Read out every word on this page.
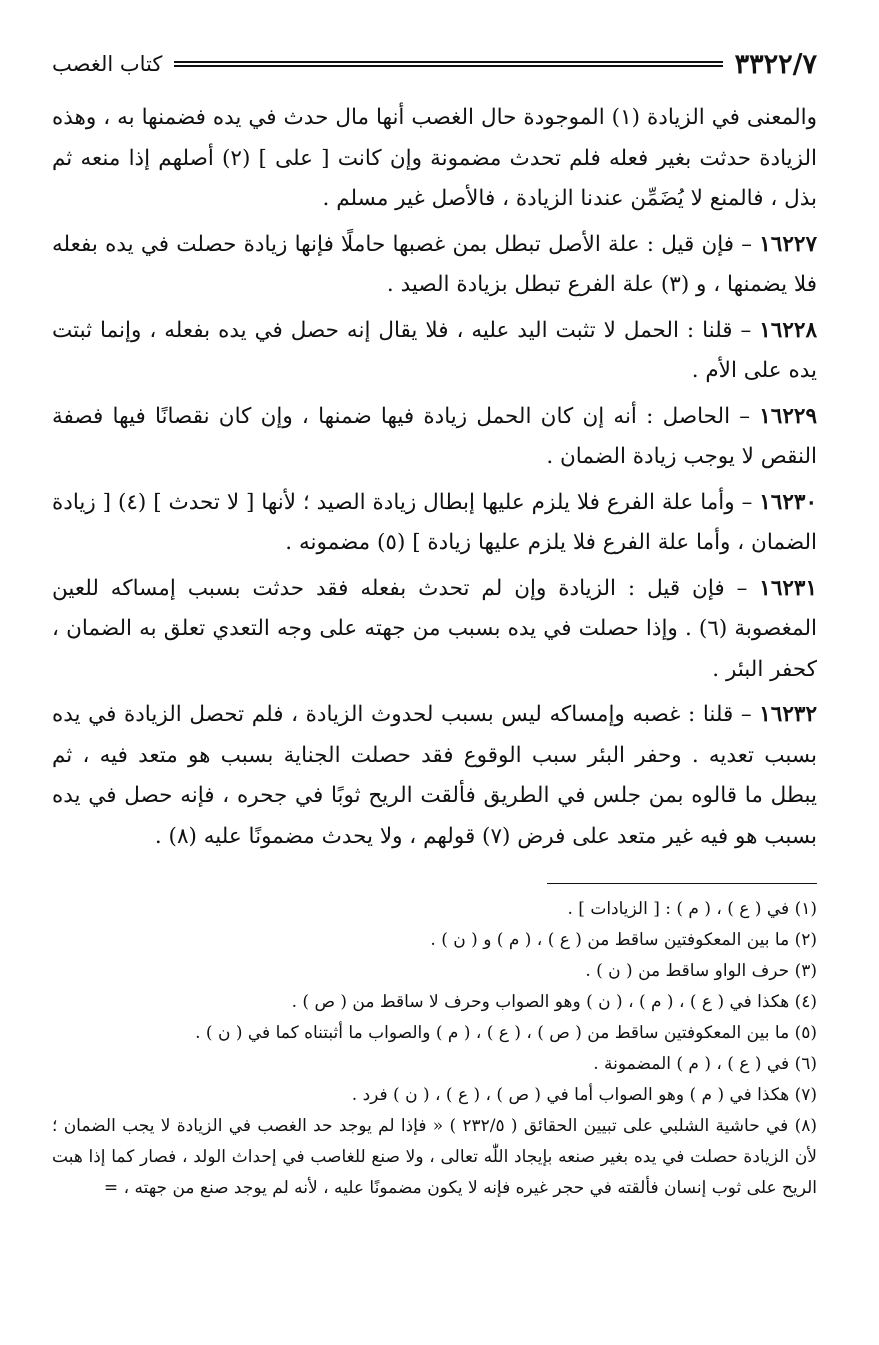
٣٣٢٢/٧
كتاب الغصب

والمعنى في الزيادة (١) الموجودة حال الغصب أنها مال حدث في يده فضمنها به ، وهذه الزيادة حدثت بغير فعله فلم تحدث مضمونة وإن كانت [ على ] (٢) أصلهم إذا منعه ثم بذل ، فالمنع لا يُضَمِّن عندنا الزيادة ، فالأصل غير مسلم .

١٦٢٢٧ – فإن قيل : علة الأصل تبطل بمن غصبها حاملًا فإنها زيادة حصلت في يده بفعله فلا يضمنها ، و (٣) علة الفرع تبطل بزيادة الصيد .

١٦٢٢٨ – قلنا : الحمل لا تثبت اليد عليه ، فلا يقال إنه حصل في يده بفعله ، وإنما ثبتت يده على الأم .

١٦٢٢٩ – الحاصل : أنه إن كان الحمل زيادة فيها ضمنها ، وإن كان نقصانًا فيها فصفة النقص لا يوجب زيادة الضمان .

١٦٢٣٠ – وأما علة الفرع فلا يلزم عليها إبطال زيادة الصيد ؛ لأنها [ لا تحدث ] (٤) [ زيادة الضمان ، وأما علة الفرع فلا يلزم عليها زيادة ] (٥) مضمونه .

١٦٢٣١ – فإن قيل : الزيادة وإن لم تحدث بفعله فقد حدثت بسبب إمساكه للعين المغصوبة (٦) . وإذا حصلت في يده بسبب من جهته على وجه التعدي تعلق به الضمان ، كحفر البئر .

١٦٢٣٢ – قلنا : غصبه وإمساكه ليس بسبب لحدوث الزيادة ، فلم تحصل الزيادة في يده بسبب تعديه . وحفر البئر سبب الوقوع فقد حصلت الجناية بسبب هو متعد فيه ، ثم يبطل ما قالوه بمن جلس في الطريق فألقت الريح ثوبًا في جحره ، فإنه حصل في يده بسبب هو فيه غير متعد على فرض (٧) قولهم ، ولا يحدث مضمونًا عليه (٨) .

(١) في ( ع ) ، ( م ) : [ الزيادات ] .

(٢) ما بين المعكوفتين ساقط من ( ع ) ، ( م ) و ( ن ) .

(٣) حرف الواو ساقط من ( ن ) .

(٤) هكذا في ( ع ) ، ( م ) ، ( ن ) وهو الصواب وحرف لا ساقط من ( ص ) .

(٥) ما بين المعكوفتين ساقط من ( ص ) ، ( ع ) ، ( م ) والصواب ما أثبتناه كما في ( ن ) .

(٦) في ( ع ) ، ( م ) المضمونة .

(٧) هكذا في ( م ) وهو الصواب أما في ( ص ) ، ( ع ) ، ( ن ) فرد .

(٨) في حاشية الشلبي على تبيين الحقائق ( ٢٣٢/٥ ) « فإذا لم يوجد حد الغصب في الزيادة لا يجب الضمان ؛ لأن الزيادة حصلت في يده بغير صنعه بإيجاد اللّٰه تعالى ، ولا صنع للغاصب في إحداث الولد ، فصار كما إذا هبت الريح على ثوب إنسان فألقته في حجر غيره فإنه لا يكون مضمونًا عليه ، لأنه لم يوجد صنع من جهته ، =
